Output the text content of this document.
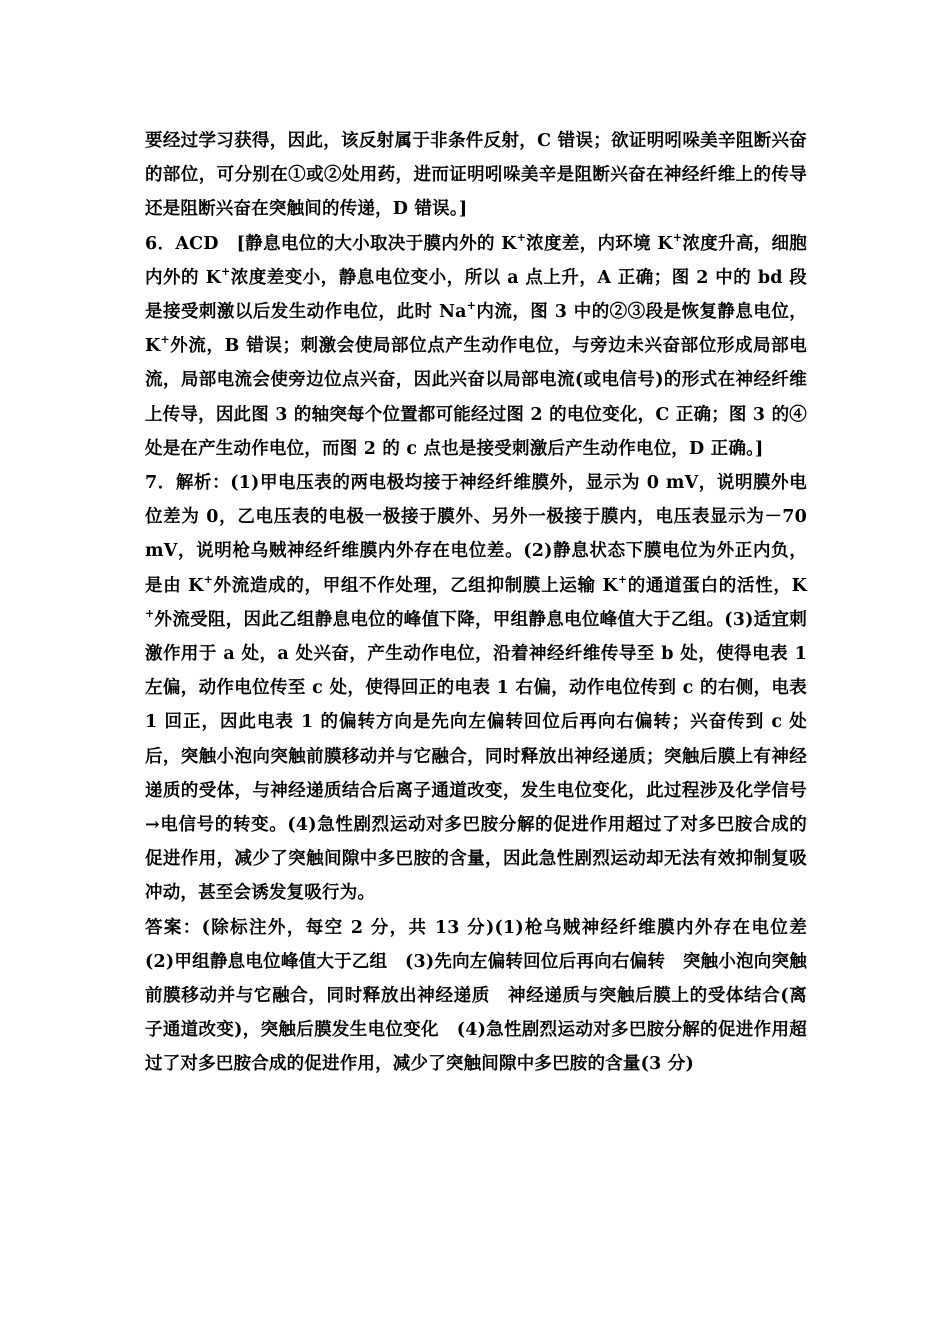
要经过学习获得，因此，该反射属于非条件反射，C 错误；欲证明吲哚美辛阻断兴奋的部位，可分别在①或②处用药，进而证明吲哚美辛是阻断兴奋在神经纤维上的传导还是阻断兴奋在突触间的传递，D 错误。]

6．ACD　[静息电位的大小取决于膜内外的 K+浓度差，内环境 K+浓度升高，细胞内外的 K+浓度差变小，静息电位变小，所以 a 点上升，A 正确；图 2 中的 bd 段是接受刺激以后发生动作电位，此时 Na+内流，图 3 中的②③段是恢复静息电位，K+外流，B 错误；刺激会使局部位点产生动作电位，与旁边未兴奋部位形成局部电流，局部电流会使旁边位点兴奋，因此兴奋以局部电流(或电信号)的形式在神经纤维上传导，因此图 3 的轴突每个位置都可能经过图 2 的电位变化，C 正确；图 3 的④处是在产生动作电位，而图 2 的 c 点也是接受刺激后产生动作电位，D 正确。]

7．解析：(1)甲电压表的两电极均接于神经纤维膜外，显示为 0 mV，说明膜外电位差为 0，乙电压表的电极一极接于膜外、另外一极接于膜内，电压表显示为－70 mV，说明枪乌贼神经纤维膜内外存在电位差。(2)静息状态下膜电位为外正内负，是由 K+外流造成的，甲组不作处理，乙组抑制膜上运输 K+的通道蛋白的活性，K+外流受阻，因此乙组静息电位的峰值下降，甲组静息电位峰值大于乙组。(3)适宜刺激作用于 a 处，a 处兴奋，产生动作电位，沿着神经纤维传导至 b 处，使得电表 1 左偏，动作电位传至 c 处，使得回正的电表 1 右偏，动作电位传到 c 的右侧，电表 1 回正，因此电表 1 的偏转方向是先向左偏转回位后再向右偏转；兴奋传到 c 处后，突触小泡向突触前膜移动并与它融合，同时释放出神经递质；突触后膜上有神经递质的受体，与神经递质结合后离子通道改变，发生电位变化，此过程涉及化学信号→电信号的转变。(4)急性剧烈运动对多巴胺分解的促进作用超过了对多巴胺合成的促进作用，减少了突触间隙中多巴胺的含量，因此急性剧烈运动却无法有效抑制复吸冲动，甚至会诱发复吸行为。

答案：(除标注外，每空 2 分，共 13 分)(1)枪乌贼神经纤维膜内外存在电位差　(2)甲组静息电位峰值大于乙组　(3)先向左偏转回位后再向右偏转　突触小泡向突触前膜移动并与它融合，同时释放出神经递质　神经递质与突触后膜上的受体结合(离子通道改变)，突触后膜发生电位变化　(4)急性剧烈运动对多巴胺分解的促进作用超过了对多巴胺合成的促进作用，减少了突触间隙中多巴胺的含量(3 分)
